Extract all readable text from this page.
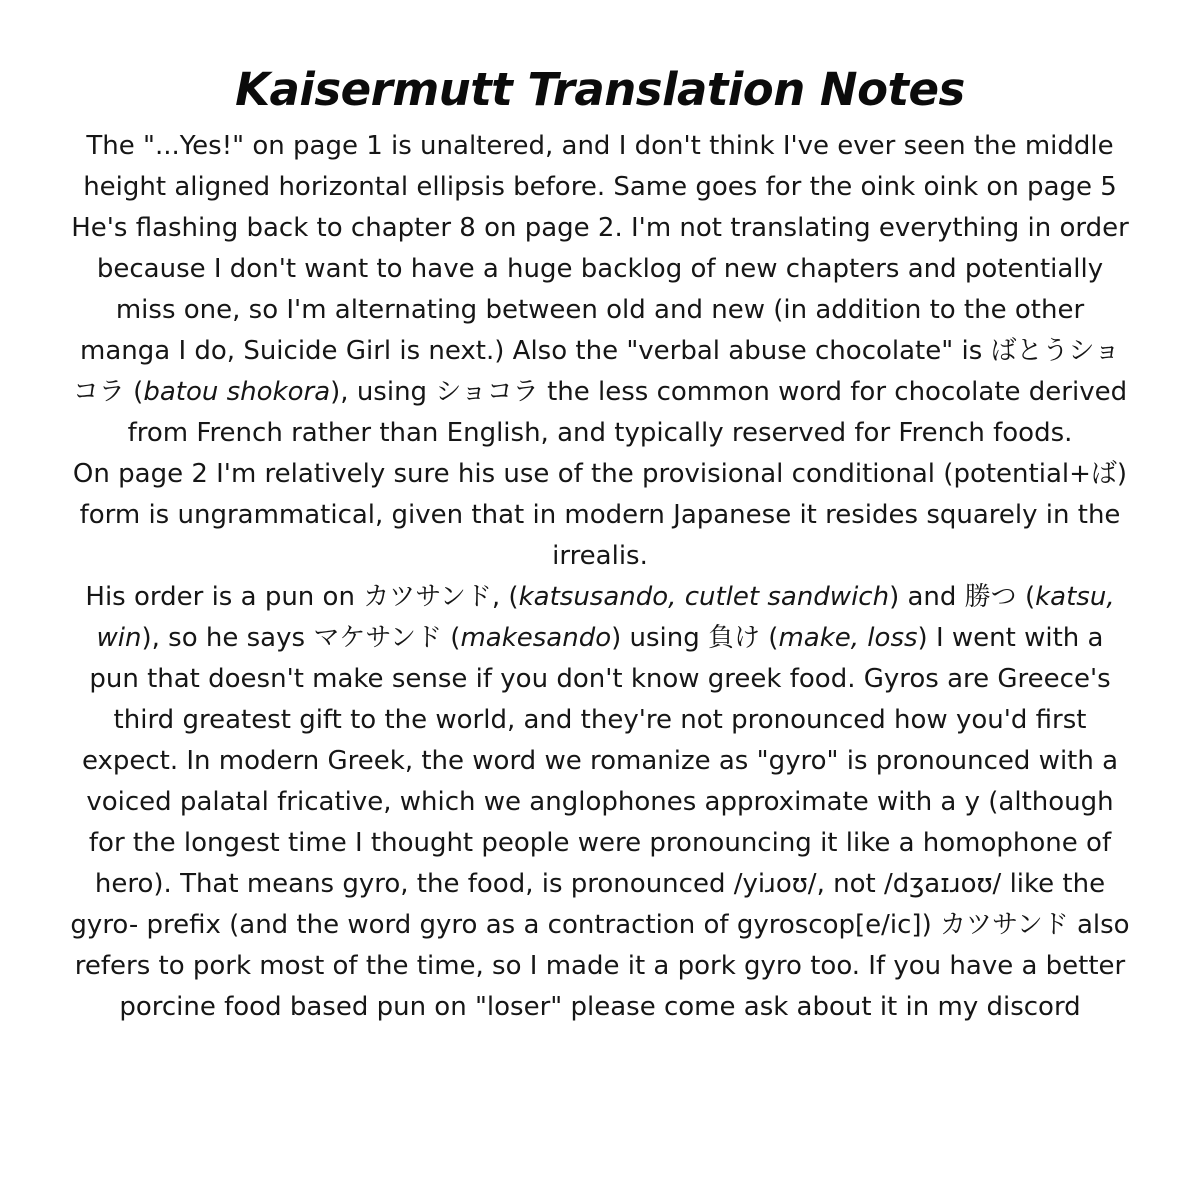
Kaisermutt Translation Notes

The "...Yes!" on page 1 is unaltered, and I don't think I've ever seen the middle height aligned horizontal ellipsis before. Same goes for the oink oink on page 5

He's flashing back to chapter 8 on page 2. I'm not translating everything in order because I don't want to have a huge backlog of new chapters and potentially miss one, so I'm alternating between old and new (in addition to the other manga I do, Suicide Girl is next.) Also the "verbal abuse chocolate" is ばとうショコラ (batou shokora), using ショコラ the less common word for chocolate derived from French rather than English, and typically reserved for French foods.

On page 2 I'm relatively sure his use of the provisional conditional (potential+ば) form is ungrammatical, given that in modern Japanese it resides squarely in the irrealis.

His order is a pun on カツサンド, (katsusando, cutlet sandwich) and 勝つ (katsu, win), so he says マケサンド (makesando) using 負け (make, loss) I went with a pun that doesn't make sense if you don't know greek food. Gyros are Greece's third greatest gift to the world, and they're not pronounced how you'd first expect. In modern Greek, the word we romanize as "gyro" is pronounced with a voiced palatal fricative, which we anglophones approximate with a y (although for the longest time I thought people were pronouncing it like a homophone of hero). That means gyro, the food, is pronounced /yiɹoʊ/, not /dʒaɪɹoʊ/ like the gyro- prefix (and the word gyro as a contraction of gyroscop[e/ic]) カツサンド also refers to pork most of the time, so I made it a pork gyro too. If you have a better porcine food based pun on "loser" please come ask about it in my discord
